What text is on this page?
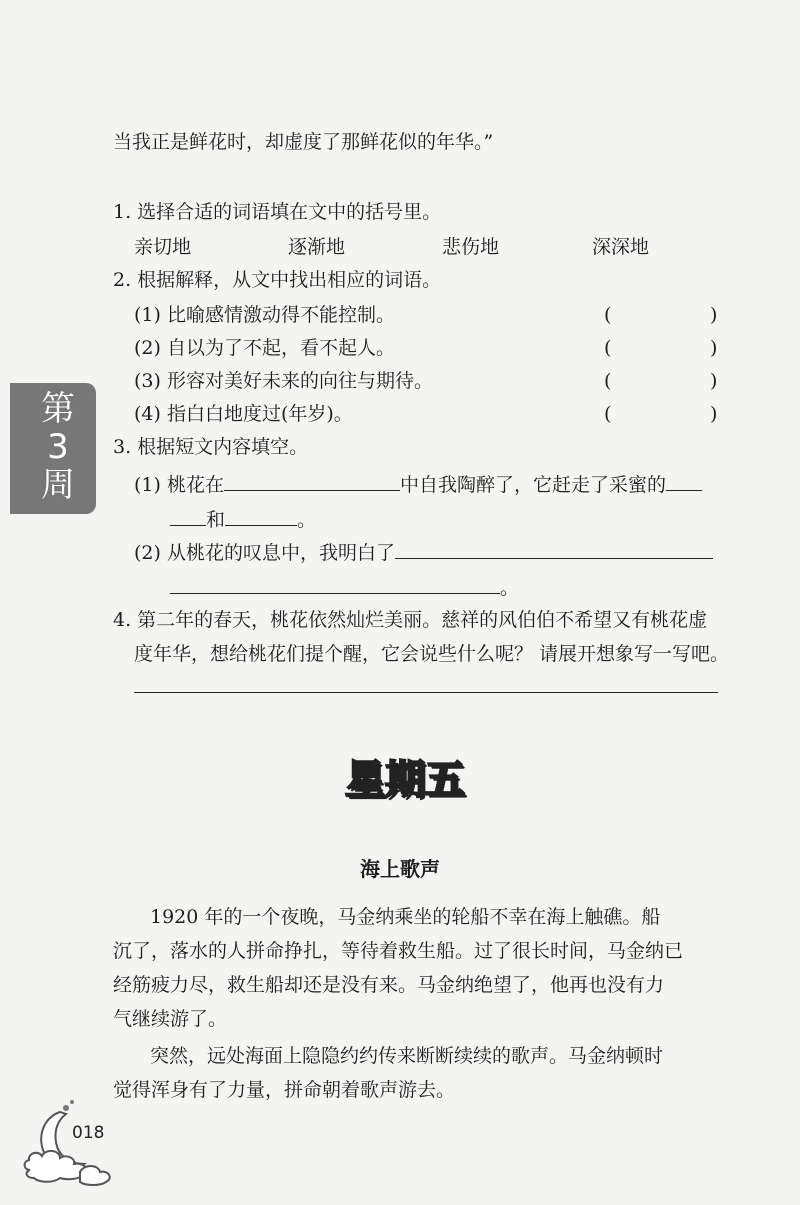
当我正是鲜花时，却虚度了那鲜花似的年华。”
1. 选择合适的词语填在文中的括号里。
亲切地	逐渐地	悲伤地	深深地
2. 根据解释，从文中找出相应的词语。
(1) 比喻感情激动得不能控制。	(	)
(2) 自以为了不起，看不起人。	(	)
(3) 形容对美好未来的向往与期待。	(	)
(4) 指白白地度过(年岁)。	(	)
3. 根据短文内容填空。
(1) 桃花在	中自我陶醉了，它赶走了采蜜的
和	。
(2) 从桃花的叹息中，我明白了
。
4. 第二年的春天，桃花依然灿烂美丽。慈祥的风伯伯不希望又有桃花虚
度年华，想给桃花们提个醒，它会说些什么呢？ 请展开想象写一写吧。
第
3
周
星期五
海上歌声
1920 年的一个夜晚，马金纳乘坐的轮船不幸在海上触礁。船
沉了，落水的人拼命挣扎，等待着救生船。过了很长时间，马金纳已
经筋疲力尽，救生船却还是没有来。马金纳绝望了，他再也没有力
气继续游了。
突然，远处海面上隐隐约约传来断断续续的歌声。马金纳顿时
觉得浑身有了力量，拼命朝着歌声游去。
018
